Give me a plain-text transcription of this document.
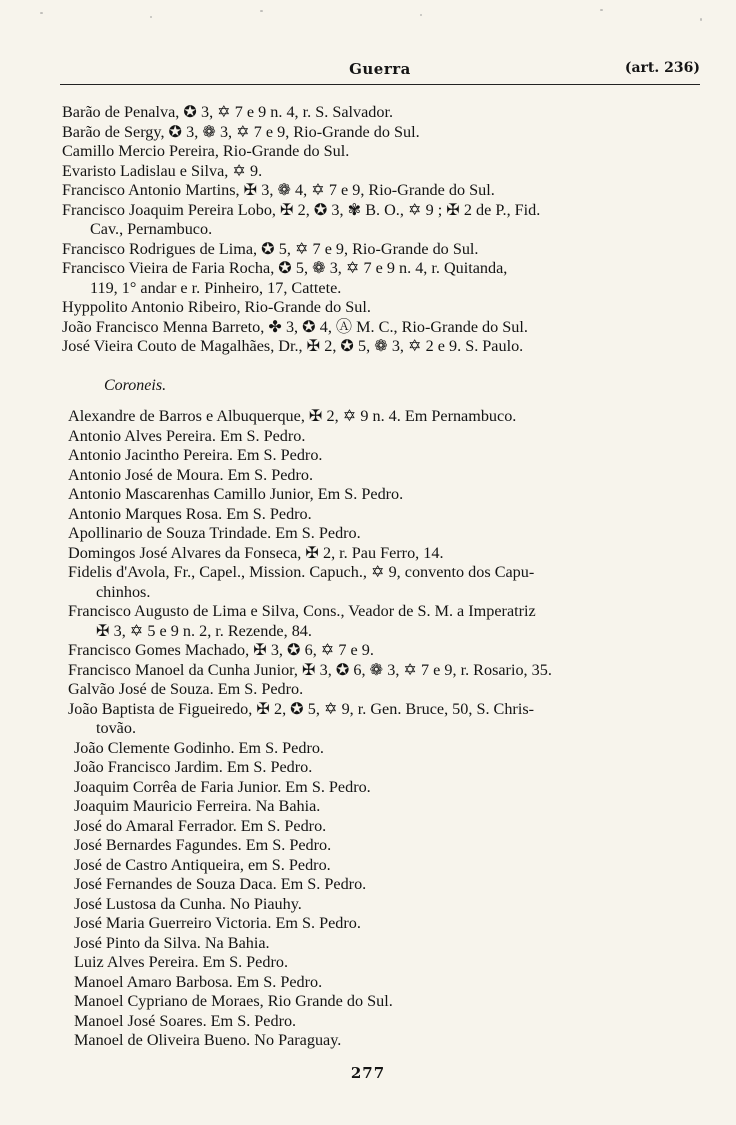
Guerra	(art. 236)
Barão de Penalva, ✪ 3, ✡ 7 e 9 n. 4, r. S. Salvador.
Barão de Sergy, ✪ 3, ❁ 3, ✡ 7 e 9, Rio-Grande do Sul.
Camillo Mercio Pereira, Rio-Grande do Sul.
Evaristo Ladislau e Silva, ✡ 9.
Francisco Antonio Martins, ✠ 3, ❁ 4, ✡ 7 e 9, Rio-Grande do Sul.
Francisco Joaquim Pereira Lobo, ✠ 2, ✪ 3, ✾ B. O., ✡ 9 ; ✠ 2 de P., Fid.
Cav., Pernambuco.
Francisco Rodrigues de Lima, ✪ 5, ✡ 7 e 9, Rio-Grande do Sul.
Francisco Vieira de Faria Rocha, ✪ 5, ❁ 3, ✡ 7 e 9 n. 4, r. Quitanda,
119, 1° andar e r. Pinheiro, 17, Cattete.
Hyppolito Antonio Ribeiro, Rio-Grande do Sul.
João Francisco Menna Barreto, ✤ 3, ✪ 4, Ⓐ M. C., Rio-Grande do Sul.
José Vieira Couto de Magalhães, Dr., ✠ 2, ✪ 5, ❁ 3, ✡ 2 e 9. S. Paulo.
Coroneis.
Alexandre de Barros e Albuquerque, ✠ 2, ✡ 9 n. 4. Em Pernambuco.
Antonio Alves Pereira. Em S. Pedro.
Antonio Jacintho Pereira. Em S. Pedro.
Antonio José de Moura. Em S. Pedro.
Antonio Mascarenhas Camillo Junior, Em S. Pedro.
Antonio Marques Rosa. Em S. Pedro.
Apollinario de Souza Trindade. Em S. Pedro.
Domingos José Alvares da Fonseca, ✠ 2, r. Pau Ferro, 14.
Fidelis d'Avola, Fr., Capel., Mission. Capuch., ✡ 9, convento dos Capu-
chinhos.
Francisco Augusto de Lima e Silva, Cons., Veador de S. M. a Imperatriz
✠ 3, ✡ 5 e 9 n. 2, r. Rezende, 84.
Francisco Gomes Machado, ✠ 3, ✪ 6, ✡ 7 e 9.
Francisco Manoel da Cunha Junior, ✠ 3, ✪ 6, ❁ 3, ✡ 7 e 9, r. Rosario, 35.
Galvão José de Souza. Em S. Pedro.
João Baptista de Figueiredo, ✠ 2, ✪ 5, ✡ 9, r. Gen. Bruce, 50, S. Chris-
tovão.
João Clemente Godinho. Em S. Pedro.
João Francisco Jardim. Em S. Pedro.
Joaquim Corrêa de Faria Junior. Em S. Pedro.
Joaquim Mauricio Ferreira. Na Bahia.
José do Amaral Ferrador. Em S. Pedro.
José Bernardes Fagundes. Em S. Pedro.
José de Castro Antiqueira, em S. Pedro.
José Fernandes de Souza Daca. Em S. Pedro.
José Lustosa da Cunha. No Piauhy.
José Maria Guerreiro Victoria. Em S. Pedro.
José Pinto da Silva. Na Bahia.
Luiz Alves Pereira. Em S. Pedro.
Manoel Amaro Barbosa. Em S. Pedro.
Manoel Cypriano de Moraes, Rio Grande do Sul.
Manoel José Soares. Em S. Pedro.
Manoel de Oliveira Bueno. No Paraguay.
277
